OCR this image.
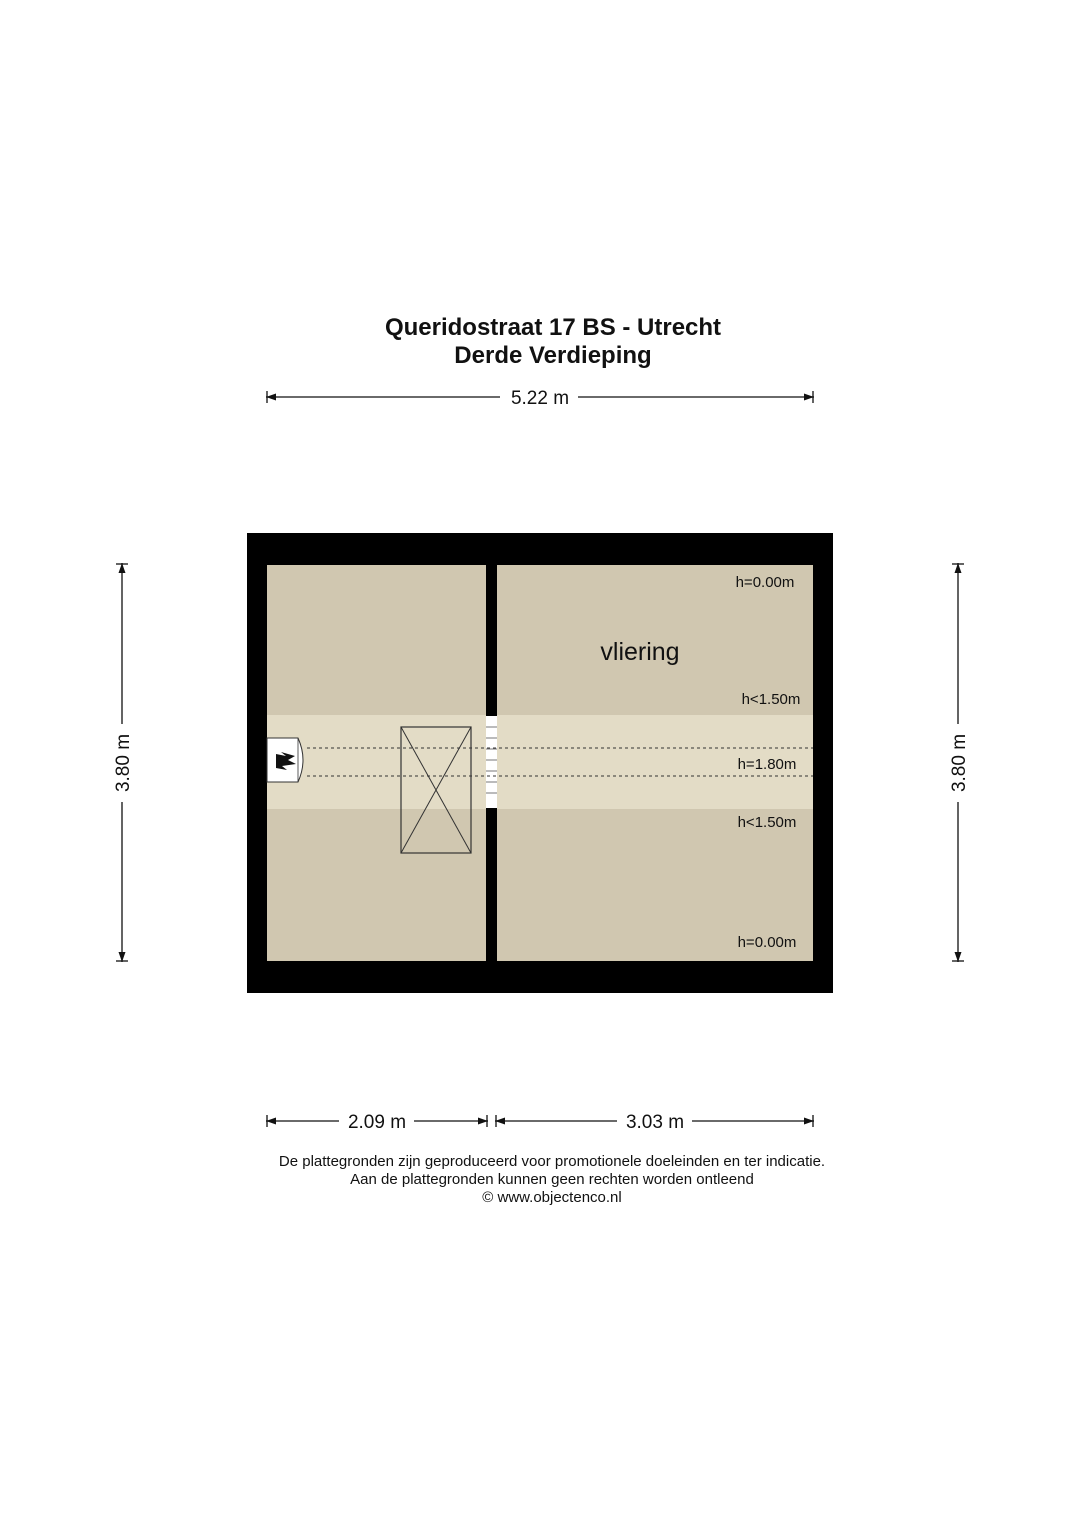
Queridostraat 17 BS - Utrecht
Derde Verdieping
5.22 m
3.80 m	3.80 m
h=0.00m
h<1.50m
h=1.80m
h<1.50m
h=0.00m
vliering
2.09 m	3.03 m
De plattegronden zijn geproduceerd voor promotionele doeleinden en ter indicatie.
Aan de plattegronden kunnen geen rechten worden ontleend
© www.objectenco.nl
